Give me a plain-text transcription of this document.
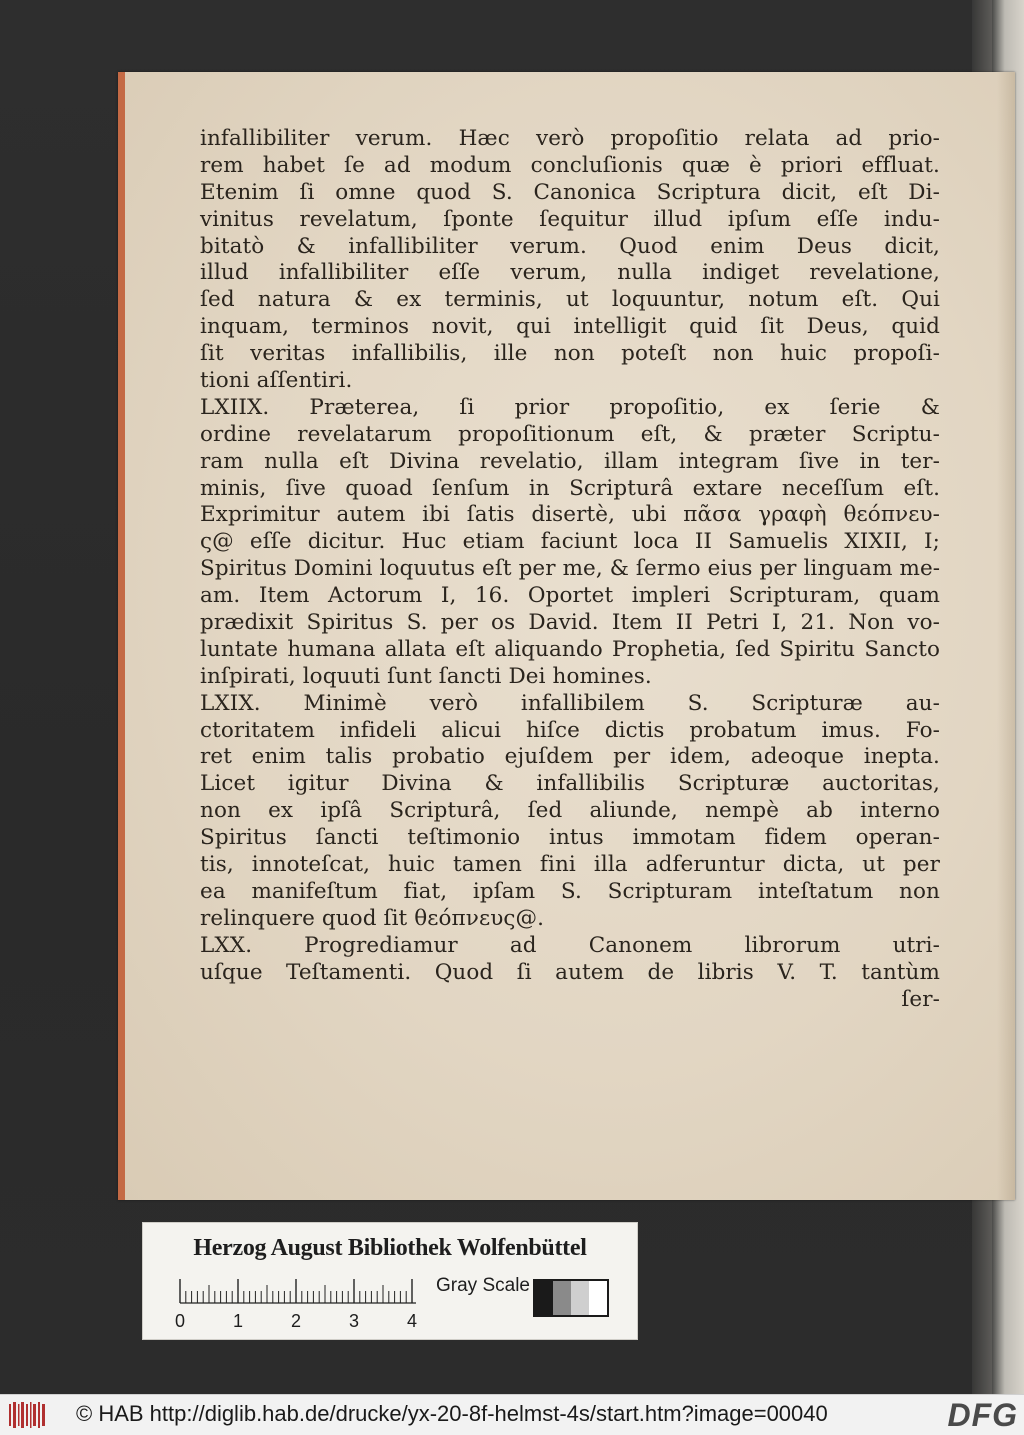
infallibiliter verum. Hæc verò propoſitio relata ad prio-
rem habet ſe ad modum concluſionis quæ è priori effluat.
Etenim ſi omne quod S. Canonica Scriptura dicit, eſt Di-
vinitus revelatum, ſponte ſequitur illud ipſum eſſe indu-
bitatò & infallibiliter verum. Quod enim Deus dicit,
illud infallibiliter eſſe verum, nulla indiget revelatione,
ſed natura & ex terminis, ut loquuntur, notum eſt. Qui
inquam, terminos novit, qui intelligit quid ſit Deus, quid
ſit veritas infallibilis, ille non poteſt non huic propoſi-
tioni aſſentiri.
LXIIX. Præterea, ſi prior propoſitio, ex ſerie &
ordine revelatarum propoſitionum eſt, & præter Scriptu-
ram nulla eſt Divina revelatio, illam integram ſive in ter-
minis, ſive quoad ſenſum in Scripturâ extare neceſſum eſt.
Exprimitur autem ibi ſatis disertè, ubi πᾶσα γραφὴ θεόπνευ-
ς@ eſſe dicitur. Huc etiam faciunt loca II Samuelis XIXII, I;
Spiritus Domini loquutus eſt per me, & ſermo eius per linguam me-
am. Item Actorum I, 16. Oportet impleri Scripturam, quam
prædixit Spiritus S. per os David. Item II Petri I, 21. Non vo-
luntate humana allata eſt aliquando Prophetia, ſed Spiritu Sancto
inſpirati, loquuti ſunt ſancti Dei homines.
LXIX. Minimè verò infallibilem S. Scripturæ au-
ctoritatem infideli alicui hiſce dictis probatum imus. Fo-
ret enim talis probatio ejuſdem per idem, adeoque inepta.
Licet igitur Divina & infallibilis Scripturæ auctoritas,
non ex ipſâ Scripturâ, ſed aliunde, nempè ab interno
Spiritus ſancti teſtimonio intus immotam fidem operan-
tis, innoteſcat, huic tamen fini illa adferuntur dicta, ut per
ea manifeſtum fiat, ipſam S. Scripturam inteſtatum non
relinquere quod ſit θεόπνευς@.
LXX. Progrediamur ad Canonem librorum utri-
uſque Teſtamenti. Quod ſi autem de libris V. T. tantùm
ſer-
Herzog August Bibliothek Wolfenbüttel
0	1	2	3	4
Gray Scale
© HAB http://diglib.hab.de/drucke/yx-20-8f-helmst-4s/start.htm?image=00040	DFG
